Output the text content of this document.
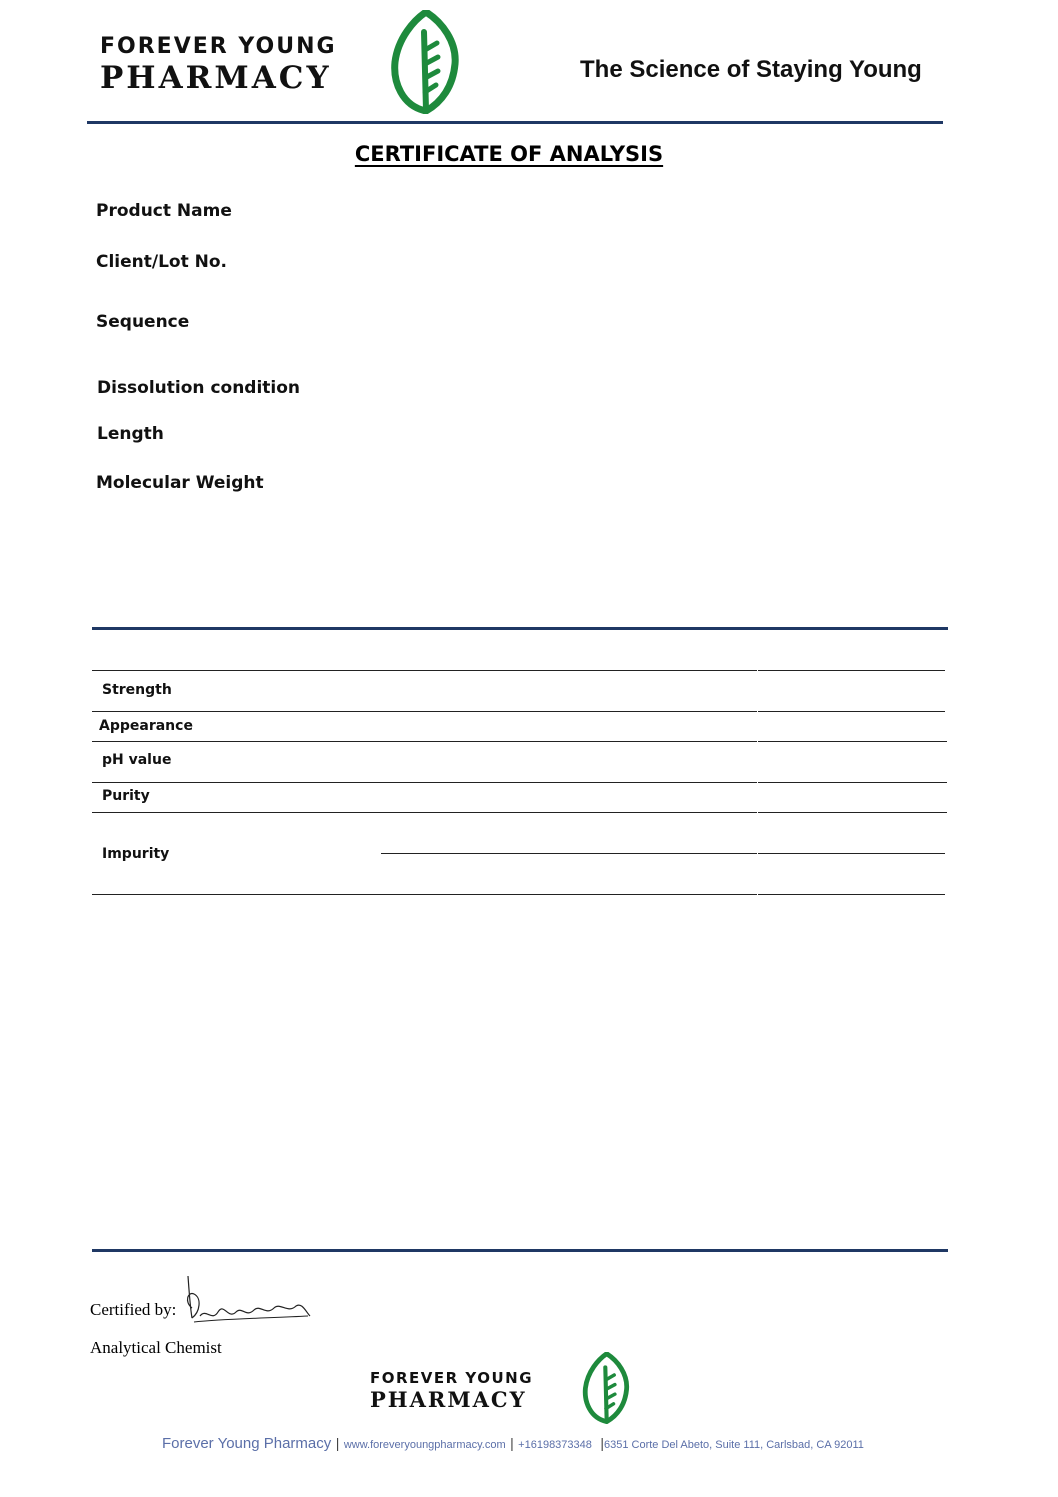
FOREVER YOUNG
PHARMACY	The Science of Staying Young
CERTIFICATE OF ANALYSIS
Product Name
Client/Lot No.
Sequence
Dissolution condition
Length
Molecular Weight
Strength
Appearance
pH value
Purity
Impurity
Certified by:
Analytical Chemist
FOREVER YOUNG
PHARMACY
Forever Young Pharmacy | www.foreveryoungpharmacy.com | +16198373348 |6351 Corte Del Abeto, Suite 111, Carlsbad, CA 92011
